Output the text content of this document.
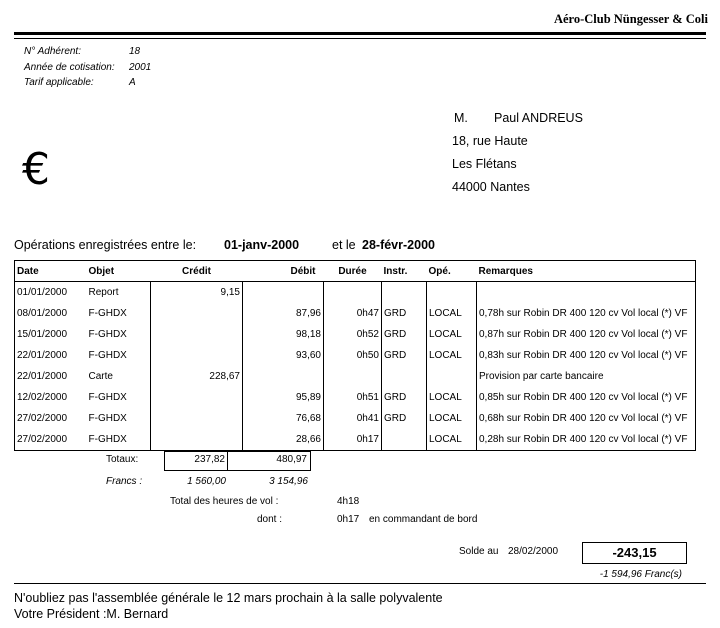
Aéro-Club Nüngesser & Coli
N° Adhérent:	18
Année de cotisation: 2001
Tarif applicable:	A
M. Paul ANDREUS
18, rue Haute
Les Flétans
44000 Nantes
€
Opérations enregistrées entre le: 01-janv-2000	et le 28-févr-2000
Date	Objet	Crédit	Débit	Durée	Instr.	Opé.	Remarques
01/01/2000	Report	9,15					
08/01/2000	F-GHDX		87,96	0h47	GRD	LOCAL	0,78h sur Robin DR 400 120 cv Vol local (*) VF
15/01/2000	F-GHDX		98,18	0h52	GRD	LOCAL	0,87h sur Robin DR 400 120 cv Vol local (*) VF
22/01/2000	F-GHDX		93,60	0h50	GRD	LOCAL	0,83h sur Robin DR 400 120 cv Vol local (*) VF
22/01/2000	Carte	228,67					Provision par carte bancaire
12/02/2000	F-GHDX		95,89	0h51	GRD	LOCAL	0,85h sur Robin DR 400 120 cv Vol local (*) VF
27/02/2000	F-GHDX		76,68	0h41	GRD	LOCAL	0,68h sur Robin DR 400 120 cv Vol local (*) VF
27/02/2000	F-GHDX		28,66	0h17		LOCAL	0,28h sur Robin DR 400 120 cv Vol local (*) VF
Totaux:	237,82	480,97
Francs :	1 560,00	3 154,96
Total des heures de vol :	4h18
dont :	0h17 en commandant de bord
Solde au 28/02/2000	-243,15
-1 594,96 Franc(s)
N'oubliez pas l'assemblée générale le 12 mars prochain à la salle polyvalente
Votre Président :M. Bernard
